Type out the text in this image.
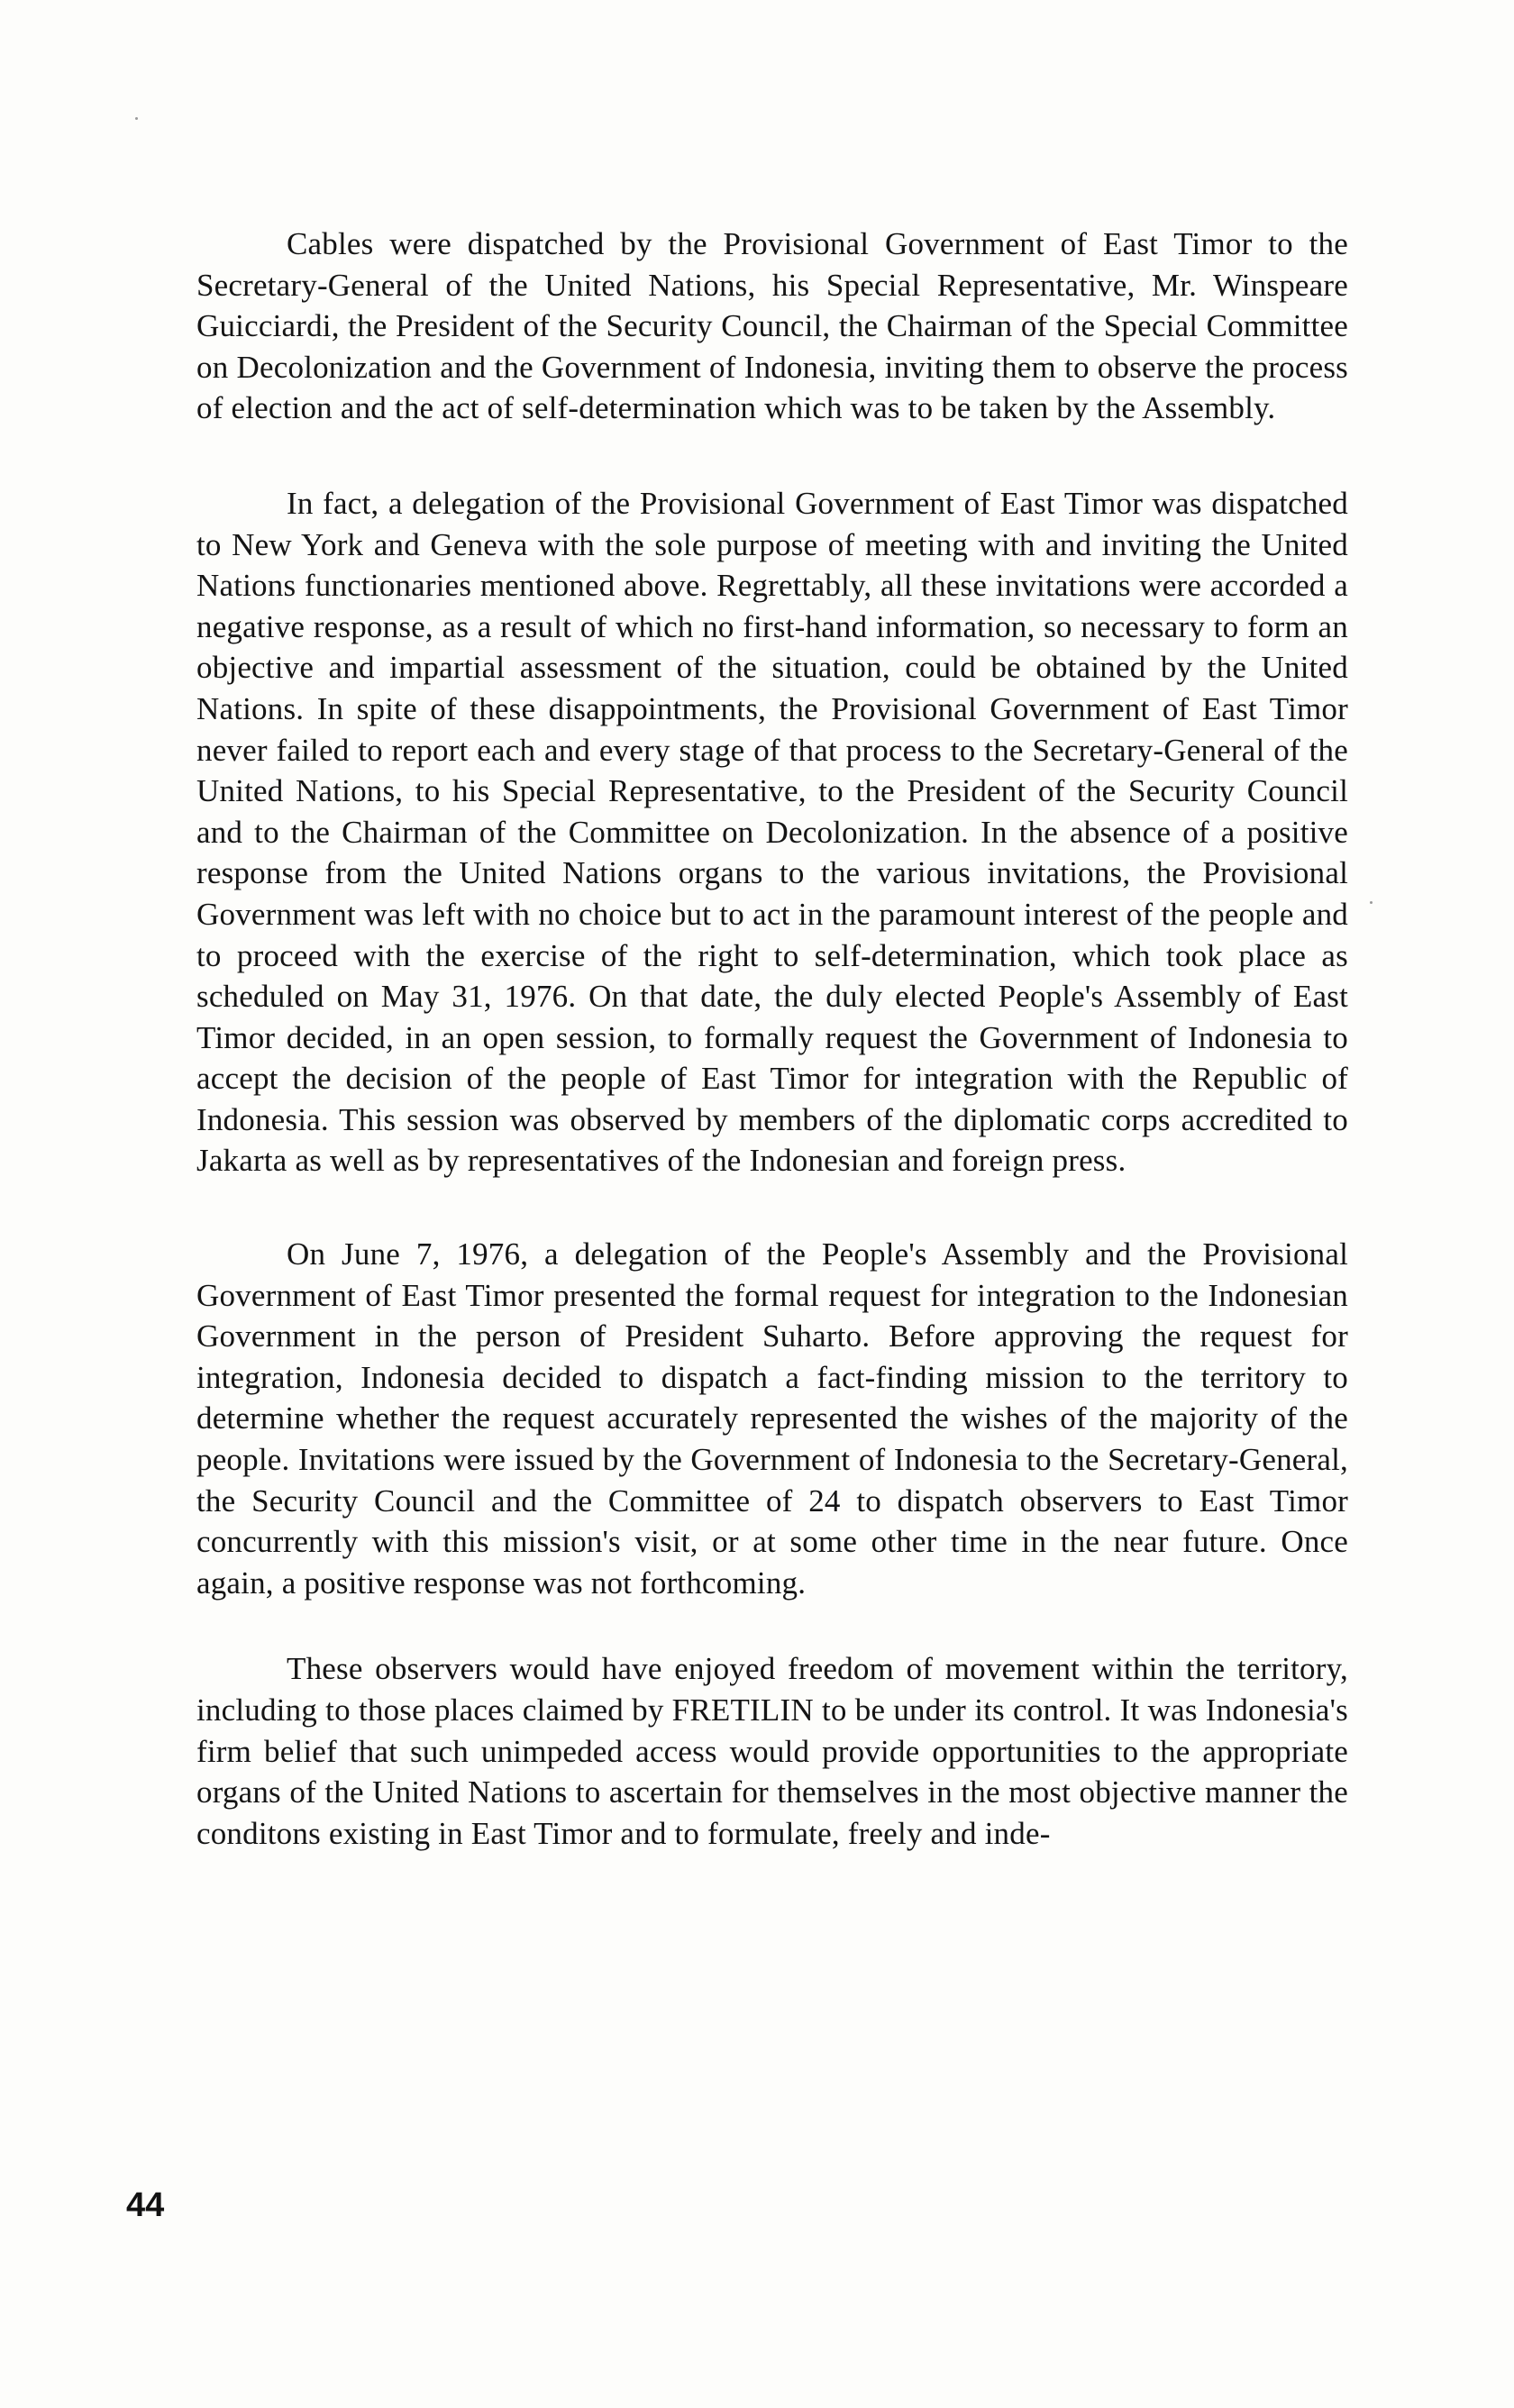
Cables were dispatched by the Provisional Government of East Timor to the Secretary-General of the United Nations, his Special Representative, Mr. Winspeare Guicciardi, the President of the Security Council, the Chairman of the Special Committee on Decolonization and the Government of Indonesia, inviting them to observe the process of election and the act of self-determination which was to be taken by the Assembly.

In fact, a delegation of the Provisional Government of East Timor was dispatched to New York and Geneva with the sole purpose of meeting with and inviting the United Nations functionaries mentioned above. Regrettably, all these invitations were accorded a negative response, as a result of which no first-hand information, so necessary to form an objective and impartial assessment of the situation, could be obtained by the United Nations. In spite of these disappointments, the Provisional Government of East Timor never failed to report each and every stage of that process to the Secretary-General of the United Nations, to his Special Representative, to the President of the Security Council and to the Chairman of the Committee on Decolonization. In the absence of a positive response from the United Nations organs to the various invitations, the Provisional Government was left with no choice but to act in the paramount interest of the people and to proceed with the exercise of the right to self-determination, which took place as scheduled on May 31, 1976. On that date, the duly elected People's Assembly of East Timor decided, in an open session, to formally request the Government of Indonesia to accept the decision of the people of East Timor for integration with the Republic of Indonesia. This session was observed by members of the diplomatic corps accredited to Jakarta as well as by representatives of the Indonesian and foreign press.

On June 7, 1976, a delegation of the People's Assembly and the Provisional Government of East Timor presented the formal request for integration to the Indonesian Government in the person of President Suharto. Before approving the request for integration, Indonesia decided to dispatch a fact-finding mission to the territory to determine whether the request accurately represented the wishes of the majority of the people. Invitations were issued by the Government of Indonesia to the Secretary-General, the Security Council and the Committee of 24 to dispatch observers to East Timor concurrently with this mission's visit, or at some other time in the near future. Once again, a positive response was not forthcoming.

These observers would have enjoyed freedom of movement within the territory, including to those places claimed by FRETILIN to be under its control. It was Indonesia's firm belief that such unimpeded access would provide opportunities to the appropriate organs of the United Nations to ascertain for themselves in the most objective manner the conditons existing in East Timor and to formulate, freely and inde-

44
